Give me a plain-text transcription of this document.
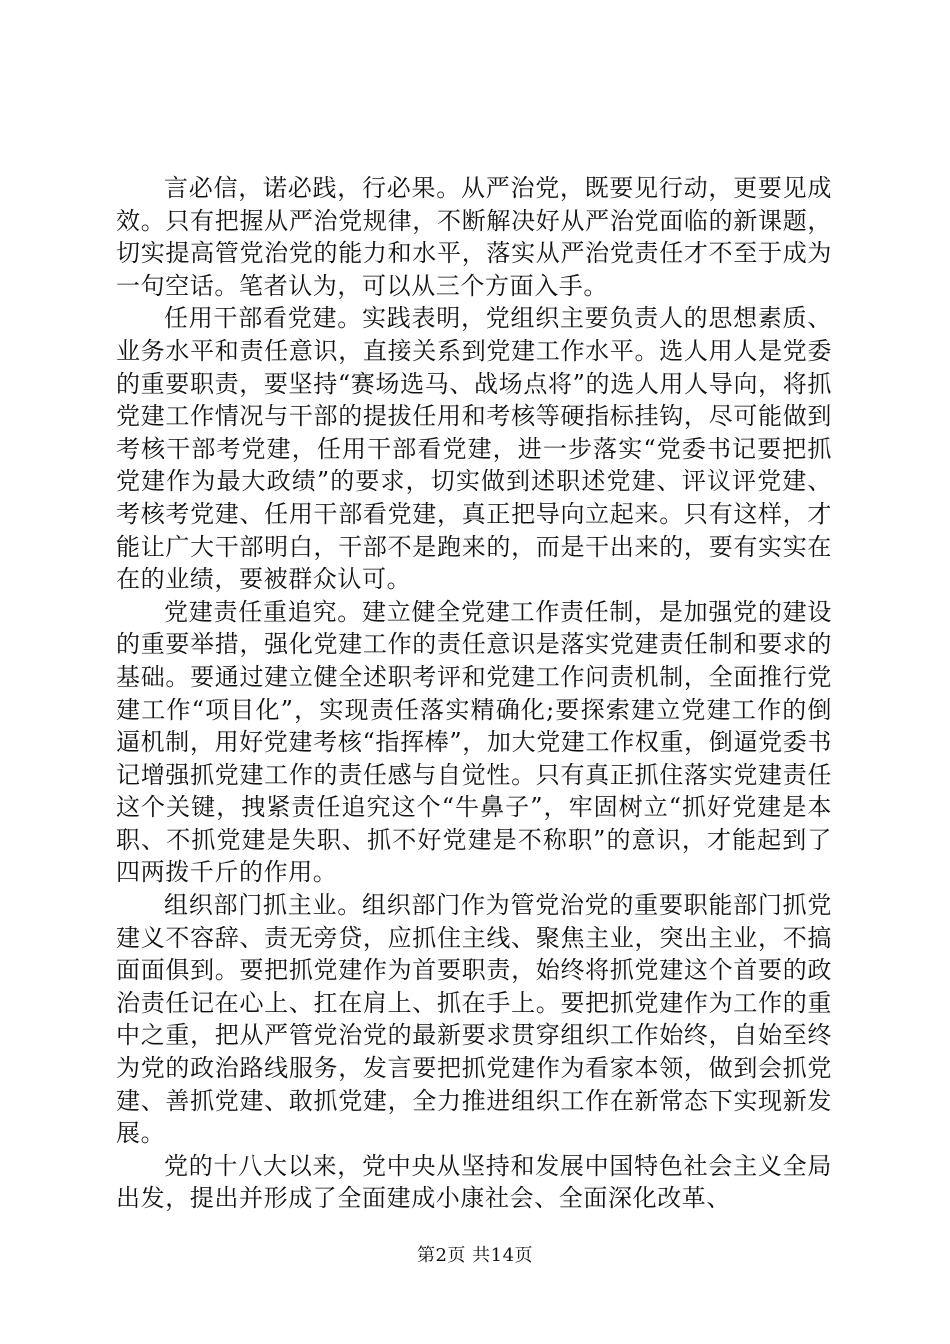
言必信，诺必践，行必果。从严治党，既要见行动，更要见成效。只有把握从严治党规律，不断解决好从严治党面临的新课题，切实提高管党治党的能力和水平，落实从严治党责任才不至于成为一句空话。笔者认为，可以从三个方面入手。

任用干部看党建。实践表明，党组织主要负责人的思想素质、业务水平和责任意识，直接关系到党建工作水平。选人用人是党委的重要职责，要坚持“赛场选马、战场点将”的选人用人导向，将抓党建工作情况与干部的提拔任用和考核等硬指标挂钩，尽可能做到考核干部考党建，任用干部看党建，进一步落实“党委书记要把抓党建作为最大政绩”的要求，切实做到述职述党建、评议评党建、考核考党建、任用干部看党建，真正把导向立起来。只有这样，才能让广大干部明白，干部不是跑来的，而是干出来的，要有实实在在的业绩，要被群众认可。

党建责任重追究。建立健全党建工作责任制，是加强党的建设的重要举措，强化党建工作的责任意识是落实党建责任制和要求的基础。要通过建立健全述职考评和党建工作问责机制，全面推行党建工作“项目化”，实现责任落实精确化;要探索建立党建工作的倒逼机制，用好党建考核“指挥棒”，加大党建工作权重，倒逼党委书记增强抓党建工作的责任感与自觉性。只有真正抓住落实党建责任这个关键，拽紧责任追究这个“牛鼻子”，牢固树立“抓好党建是本职、不抓党建是失职、抓不好党建是不称职”的意识，才能起到了四两拨千斤的作用。

组织部门抓主业。组织部门作为管党治党的重要职能部门抓党建义不容辞、责无旁贷，应抓住主线、聚焦主业，突出主业，不搞面面俱到。要把抓党建作为首要职责，始终将抓党建这个首要的政治责任记在心上、扛在肩上、抓在手上。要把抓党建作为工作的重中之重，把从严管党治党的最新要求贯穿组织工作始终，自始至终为党的政治路线服务，发言要把抓党建作为看家本领，做到会抓党建、善抓党建、敢抓党建，全力推进组织工作在新常态下实现新发展。

党的十八大以来，党中央从坚持和发展中国特色社会主义全局出发，提出并形成了全面建成小康社会、全面深化改革、

第2页 共14页
